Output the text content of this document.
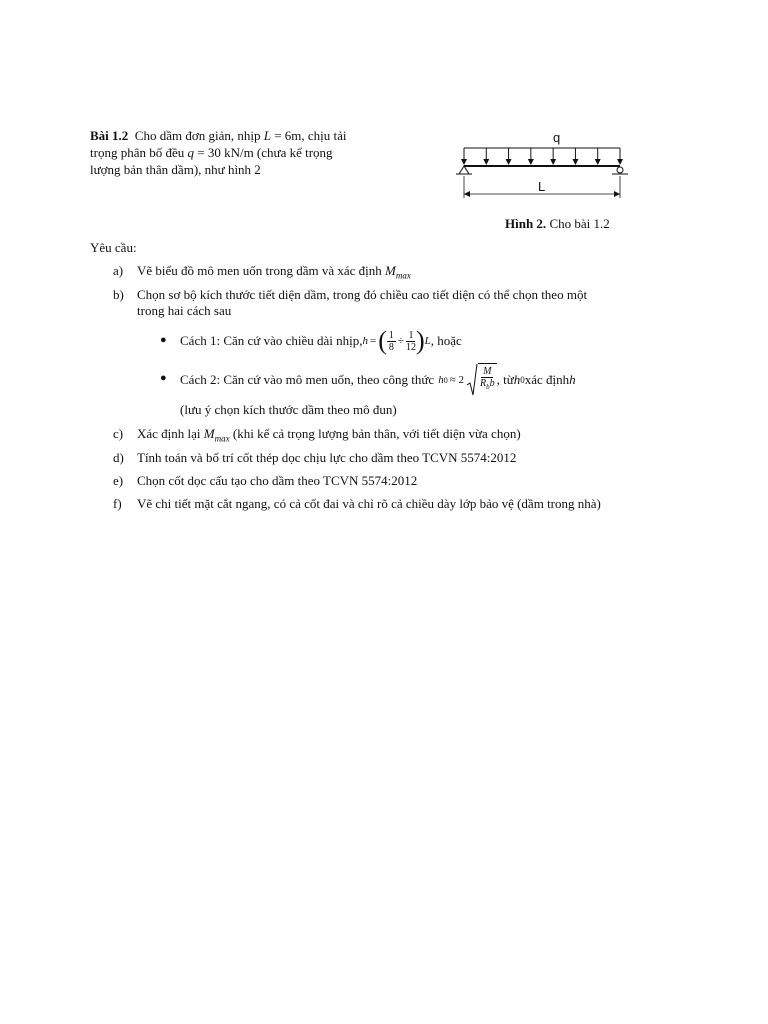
Bài 1.2 Cho dầm đơn giản, nhịp L = 6m, chịu tải
trọng phân bố đều q = 30 kN/m (chưa kể trọng
lượng bản thân dầm), như hình 2
q
L
Hình 2. Cho bài 1.2
Yêu cầu:
a) Vẽ biểu đồ mô men uốn trong dầm và xác định $M_{max}$
b) Chọn sơ bộ kích thước tiết diện dầm, trong đó chiều cao tiết diện có thể chọn theo một
trong hai cách sau
● Cách 1: Căn cứ vào chiều dài nhịp, h = ( $\frac{1}{8} \div \frac{1}{12}$ ) L , hoặc
● Cách 2: Căn cứ vào mô men uốn, theo công thức h $0 \approx 2 \frac{M}{R_bb}$ , từ h 0 xác định h
(lưu ý chọn kích thước dầm theo mô đun)
c) Xác định lại $M_{max}$ (khi kể cả trọng lượng bản thân, với tiết diện vừa chọn)
d) Tính toán và bố trí cốt thép dọc chịu lực cho dầm theo TCVN 5574:2012
e) Chọn cốt dọc cấu tạo cho dầm theo TCVN 5574:2012
f) Vẽ chi tiết mặt cắt ngang, có cả cốt đai và chỉ rõ cả chiều dày lớp bảo vệ (dầm trong nhà)
